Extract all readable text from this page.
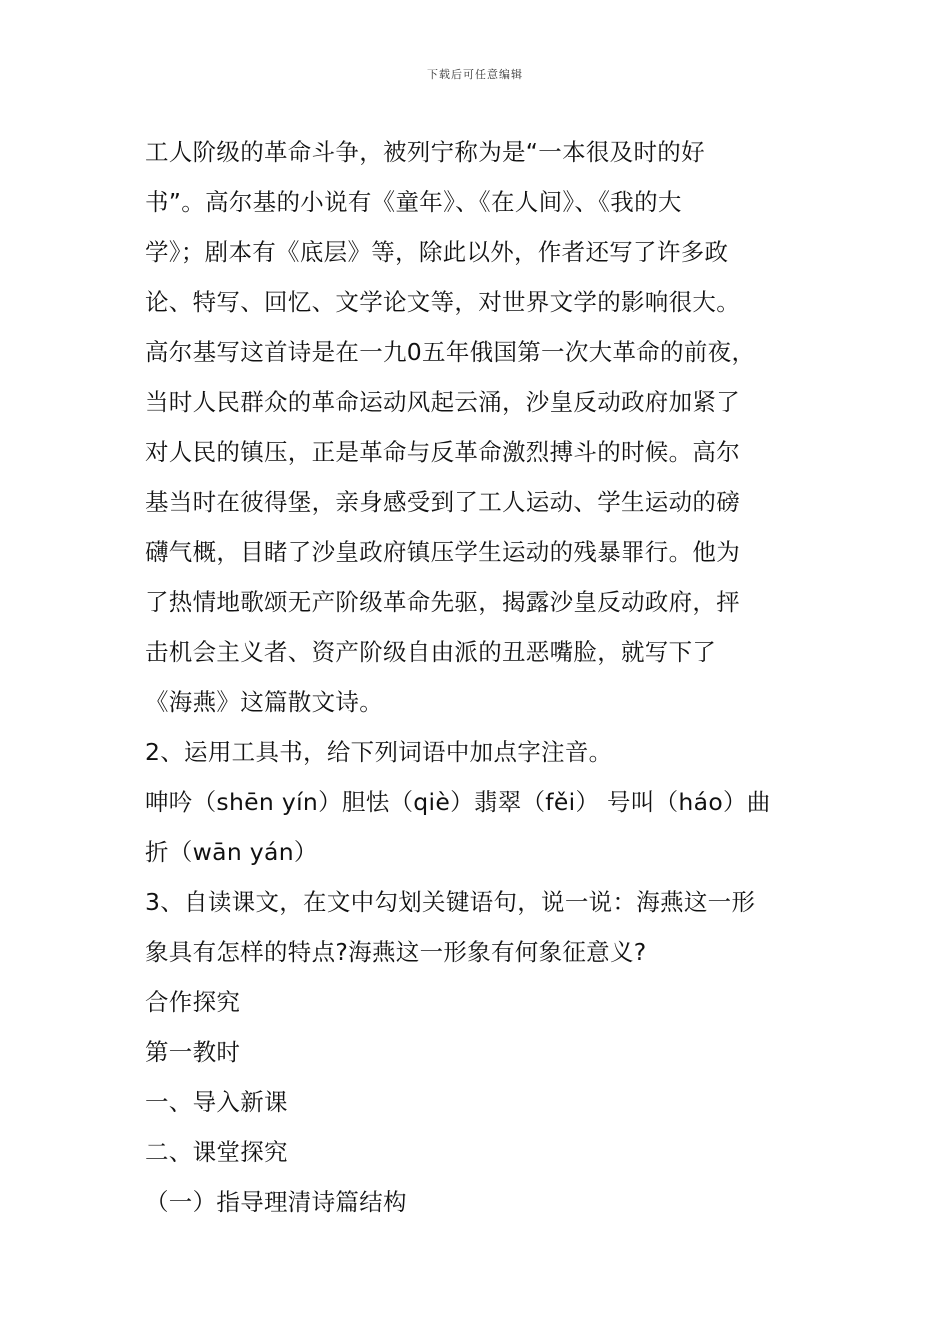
下载后可任意编辑
工人阶级的革命斗争，被列宁称为是“一本很及时的好
书”。高尔基的小说有《童年》、《在人间》、《我的大
学》；剧本有《底层》等，除此以外，作者还写了许多政
论、特写、回忆、文学论文等，对世界文学的影响很大。
高尔基写这首诗是在一九0五年俄国第一次大革命的前夜，
当时人民群众的革命运动风起云涌，沙皇反动政府加紧了
对人民的镇压，正是革命与反革命激烈搏斗的时候。高尔
基当时在彼得堡，亲身感受到了工人运动、学生运动的磅
礴气概，目睹了沙皇政府镇压学生运动的残暴罪行。他为
了热情地歌颂无产阶级革命先驱，揭露沙皇反动政府，抨
击机会主义者、资产阶级自由派的丑恶嘴脸，就写下了
《海燕》这篇散文诗。
2、运用工具书，给下列词语中加点字注音。
呻吟（shēn yín）胆怯（qiè）翡翠（fěi） 号叫（háo）曲
折（wān yán）
3、自读课文，在文中勾划关键语句，说一说：海燕这一形
象具有怎样的特点?海燕这一形象有何象征意义?
合作探究
第一教时
一、导入新课
二、课堂探究
（一）指导理清诗篇结构
